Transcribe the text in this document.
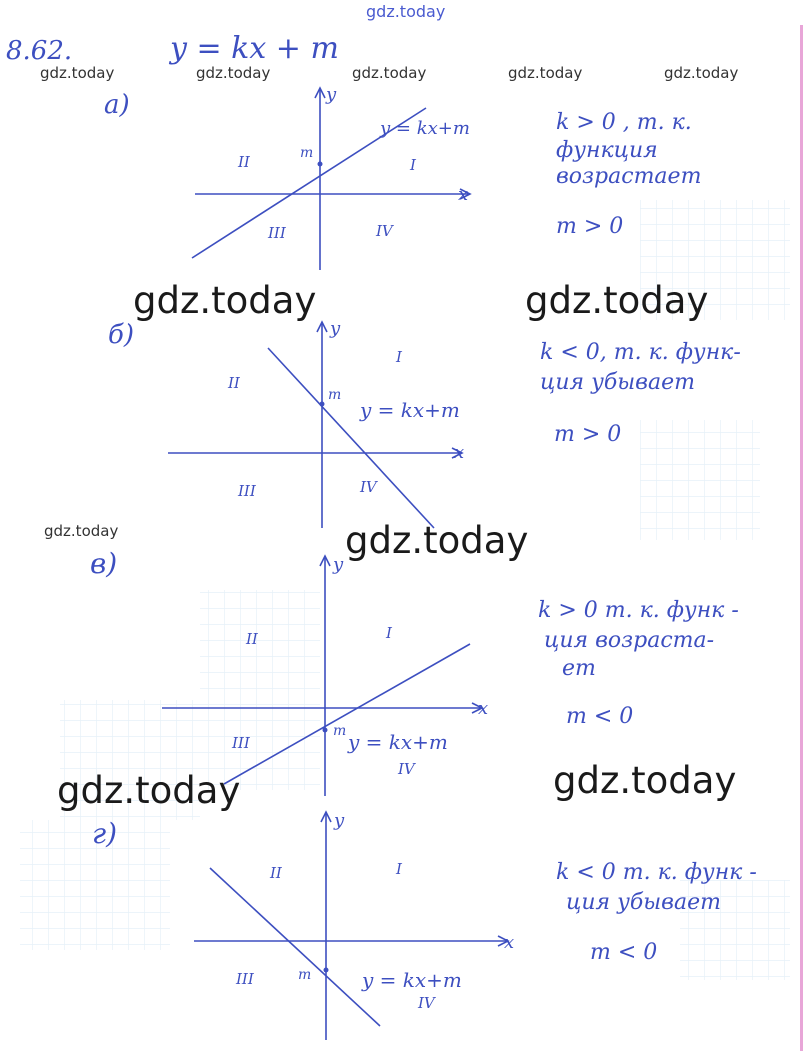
gdz.today
8.62.	y = kx + m
gdz.today	gdz.today	gdz.today	gdz.today	gdz.today
gdz.today
gdz.today	gdz.today
gdz.today
gdz.today	gdz.today
а)	y
x
m
y = kx+m
I
II
III	IV
k > 0 , т. к.
функция
возрастает
m > 0
б)	y
x
m
y = kx+m
I
II
III	IV
k < 0, т. к. функ-
ция убывает
m > 0
в)	y
x
m y = kx+m
I
II
III
IV
k > 0 т. к. функ -
ция возраста-
ет
m < 0
г)	y
x
m	y = kx+m
I
II
III
IV
k < 0 т. к. функ -
ция убывает
m < 0
